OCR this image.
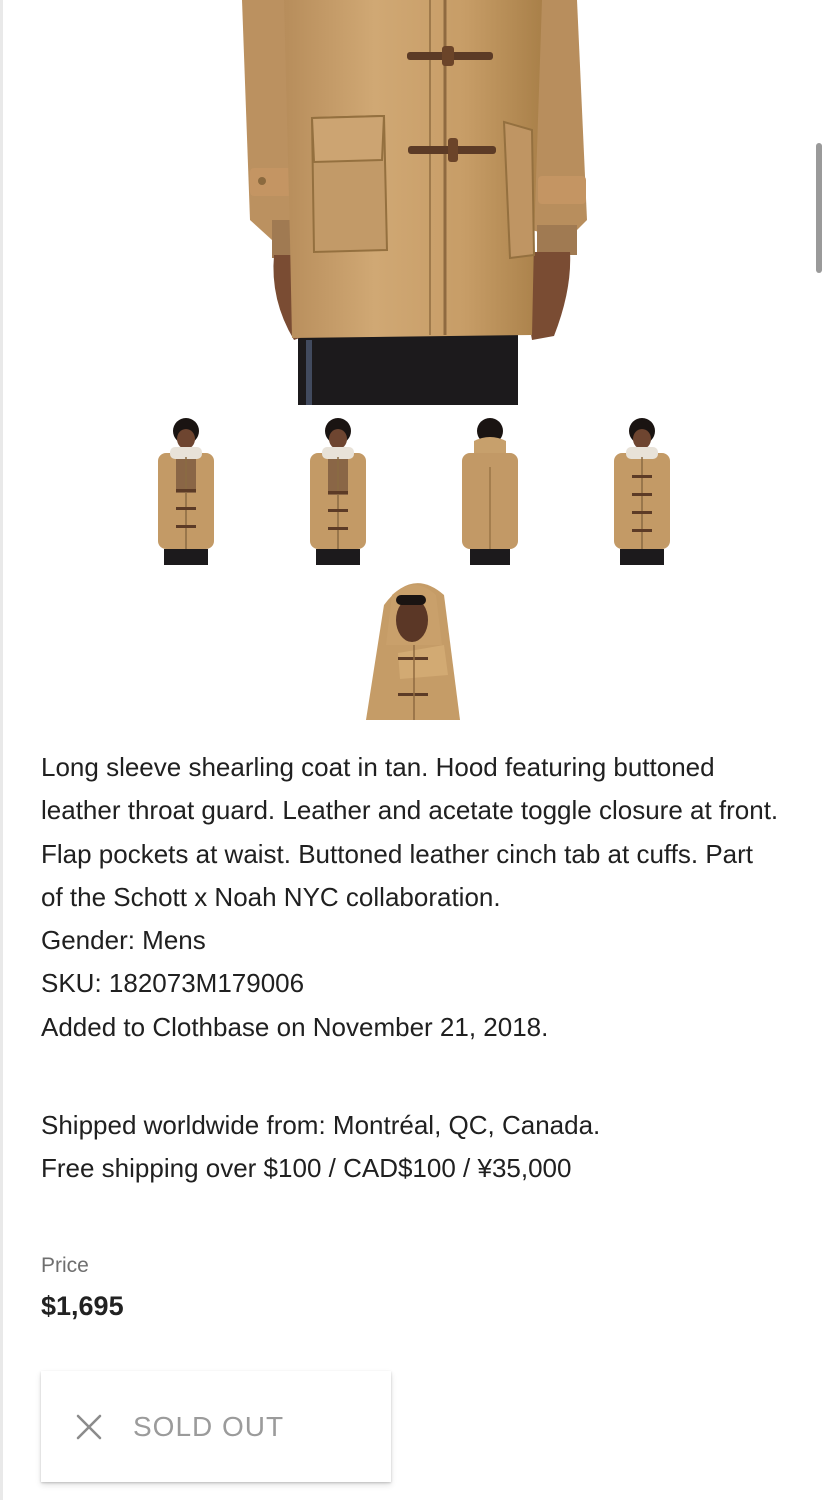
Long sleeve shearling coat in tan. Hood featuring buttoned leather throat guard. Leather and acetate toggle closure at front. Flap pockets at waist. Buttoned leather cinch tab at cuffs. Part of the Schott x Noah NYC collaboration.

Gender: Mens

SKU: 182073M179006

Added to Clothbase on November 21, 2018.

Shipped worldwide from: Montréal, QC, Canada.

Free shipping over $100 / CAD$100 / ¥35,000

Price
$1,695
SOLD OUT
